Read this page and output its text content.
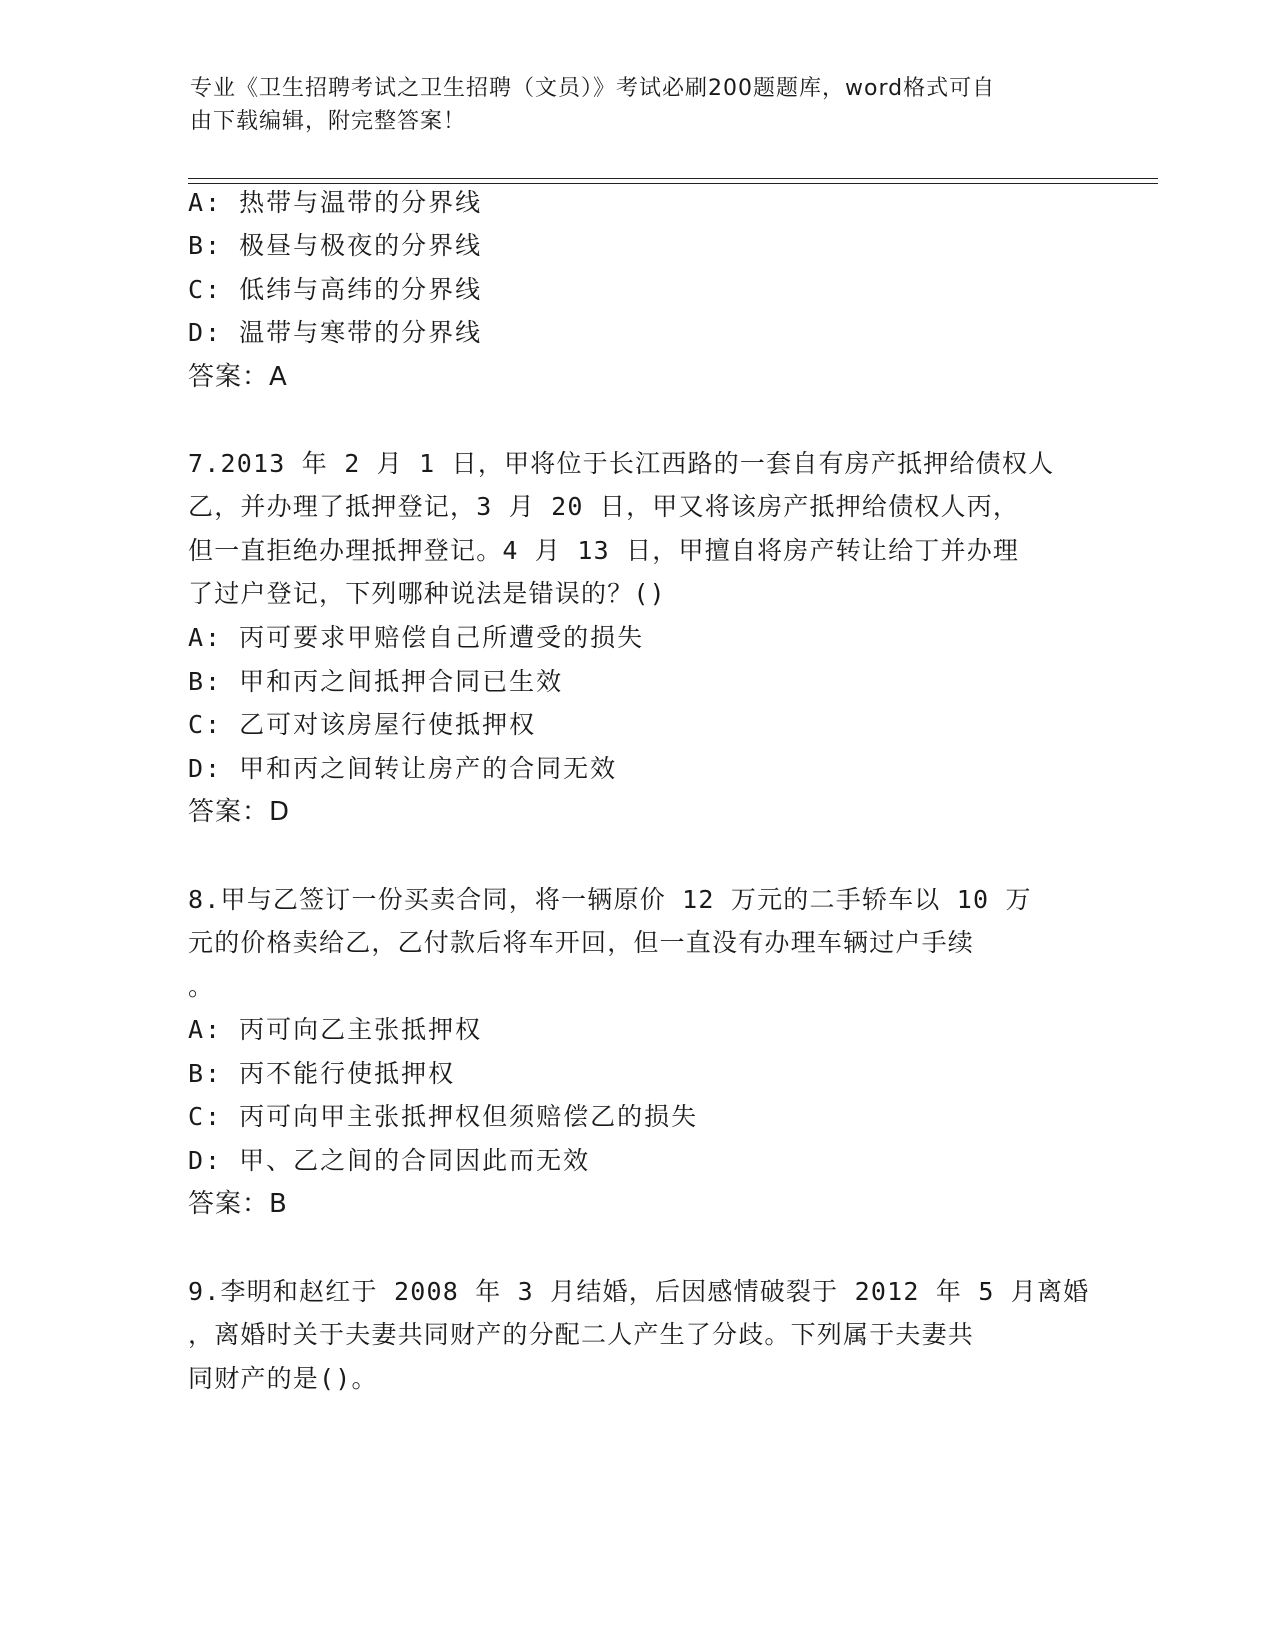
专业《卫生招聘考试之卫生招聘（文员）》考试必刷200题题库，word格式可自
由下载编辑，附完整答案！
A: 热带与温带的分界线
B: 极昼与极夜的分界线
C: 低纬与高纬的分界线
D: 温带与寒带的分界线
答案：A
7.2013 年 2 月 1 日，甲将位于长江西路的一套自有房产抵押给债权人
乙，并办理了抵押登记，3 月 20 日，甲又将该房产抵押给债权人丙，
但一直拒绝办理抵押登记。4 月 13 日，甲擅自将房产转让给丁并办理
了过户登记，下列哪种说法是错误的？()
A: 丙可要求甲赔偿自己所遭受的损失
B: 甲和丙之间抵押合同已生效
C: 乙可对该房屋行使抵押权
D: 甲和丙之间转让房产的合同无效
答案：D
8.甲与乙签订一份买卖合同，将一辆原价 12 万元的二手轿车以 10 万
元的价格卖给乙，乙付款后将车开回，但一直没有办理车辆过户手续
。
A: 丙可向乙主张抵押权
B: 丙不能行使抵押权
C: 丙可向甲主张抵押权但须赔偿乙的损失
D: 甲、乙之间的合同因此而无效
答案：B
9.李明和赵红于 2008 年 3 月结婚，后因感情破裂于 2012 年 5 月离婚
，离婚时关于夫妻共同财产的分配二人产生了分歧。下列属于夫妻共
同财产的是()。
